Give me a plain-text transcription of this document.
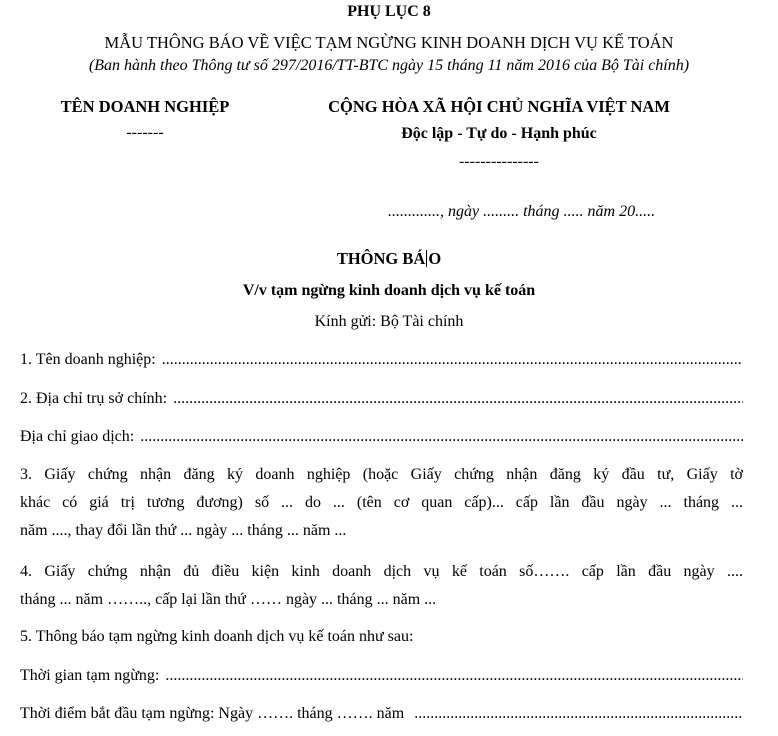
PHỤ LỤC 8
MẪU THÔNG BÁO VỀ VIỆC TẠM NGỪNG KINH DOANH DỊCH VỤ KẾ TOÁN
(Ban hành theo Thông tư số 297/2016/TT-BTC ngày 15 tháng 11 năm 2016 của Bộ Tài chính)
TÊN DOANH NGHIỆP
-------
CỘNG HÒA XÃ HỘI CHỦ NGHĨA VIỆT NAM
Độc lập - Tự do - Hạnh phúc
---------------
............., ngày ......... tháng ..... năm 20.....
THÔNG BÁ O
V/v tạm ngừng kinh doanh dịch vụ kế toán
Kính gửi: Bộ Tài chính
1. Tên doanh nghiệp:
.....
2. Địa chỉ trụ sở chính:
.....
Địa chỉ giao dịch:
.....
3. Giấy chứng nhận đăng ký doanh nghiệp (hoặc Giấy chứng nhận đăng ký đầu tư, Giấy tờ
khác có giá trị tương đương) số ... do ... (tên cơ quan cấp)... cấp lần đầu ngày ... tháng ...
năm ...., thay đổi lần thứ ... ngày ... tháng ... năm ...
4. Giấy chứng nhận đủ điều kiện kinh doanh dịch vụ kế toán số……. cấp lần đầu ngày ....
tháng ... năm …….., cấp lại lần thứ …… ngày ... tháng ... năm ...
5. Thông báo tạm ngừng kinh doanh dịch vụ kế toán như sau:
Thời gian tạm ngừng:
.....
Thời điểm bắt đầu tạm ngừng: Ngày ……. tháng ……. năm
.....
